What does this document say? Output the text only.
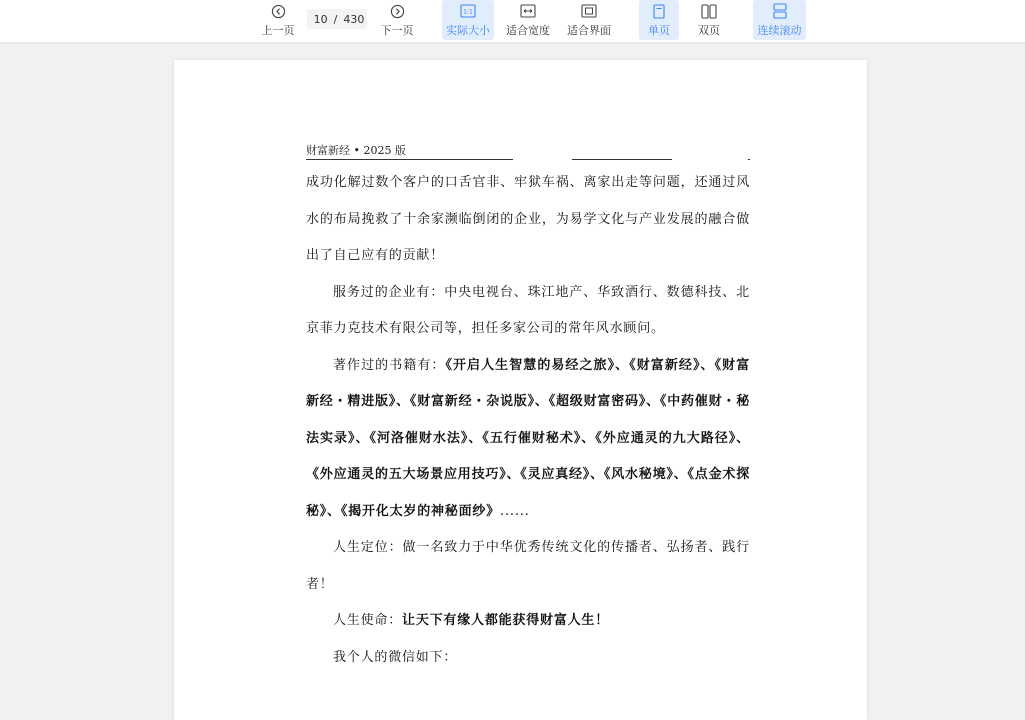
上一页
10
/ 430
下一页
1:1
实际大小 适合宽度 适合界面	单页	双页	连续滚动
财富新经 • 2025 版

成功化解过数个客户的口舌官非、牢狱车祸、离家出走等问题，还通过风水的布局挽救了十余家濒临倒闭的企业，为易学文化与产业发展的融合做出了自己应有的贡献！

服务过的企业有：中央电视台、珠江地产、华致酒行、数德科技、北京菲力克技术有限公司等，担任多家公司的常年风水顾问。

著作过的书籍有：《开启人生智慧的易经之旅》、《财富新经》、《财富新经・精进版》、《财富新经・杂说版》、《超级财富密码》、《中药催财・秘法实录》、《河洛催财水法》、《五行催财秘术》、《外应通灵的九大路径》、《外应通灵的五大场景应用技巧》、《灵应真经》、《风水秘境》、《点金术探秘》、《揭开化太岁的神秘面纱》......

人生定位：做一名致力于中华优秀传统文化的传播者、弘扬者、践行者！

人生使命：让天下有缘人都能获得财富人生！

我个人的微信如下：
